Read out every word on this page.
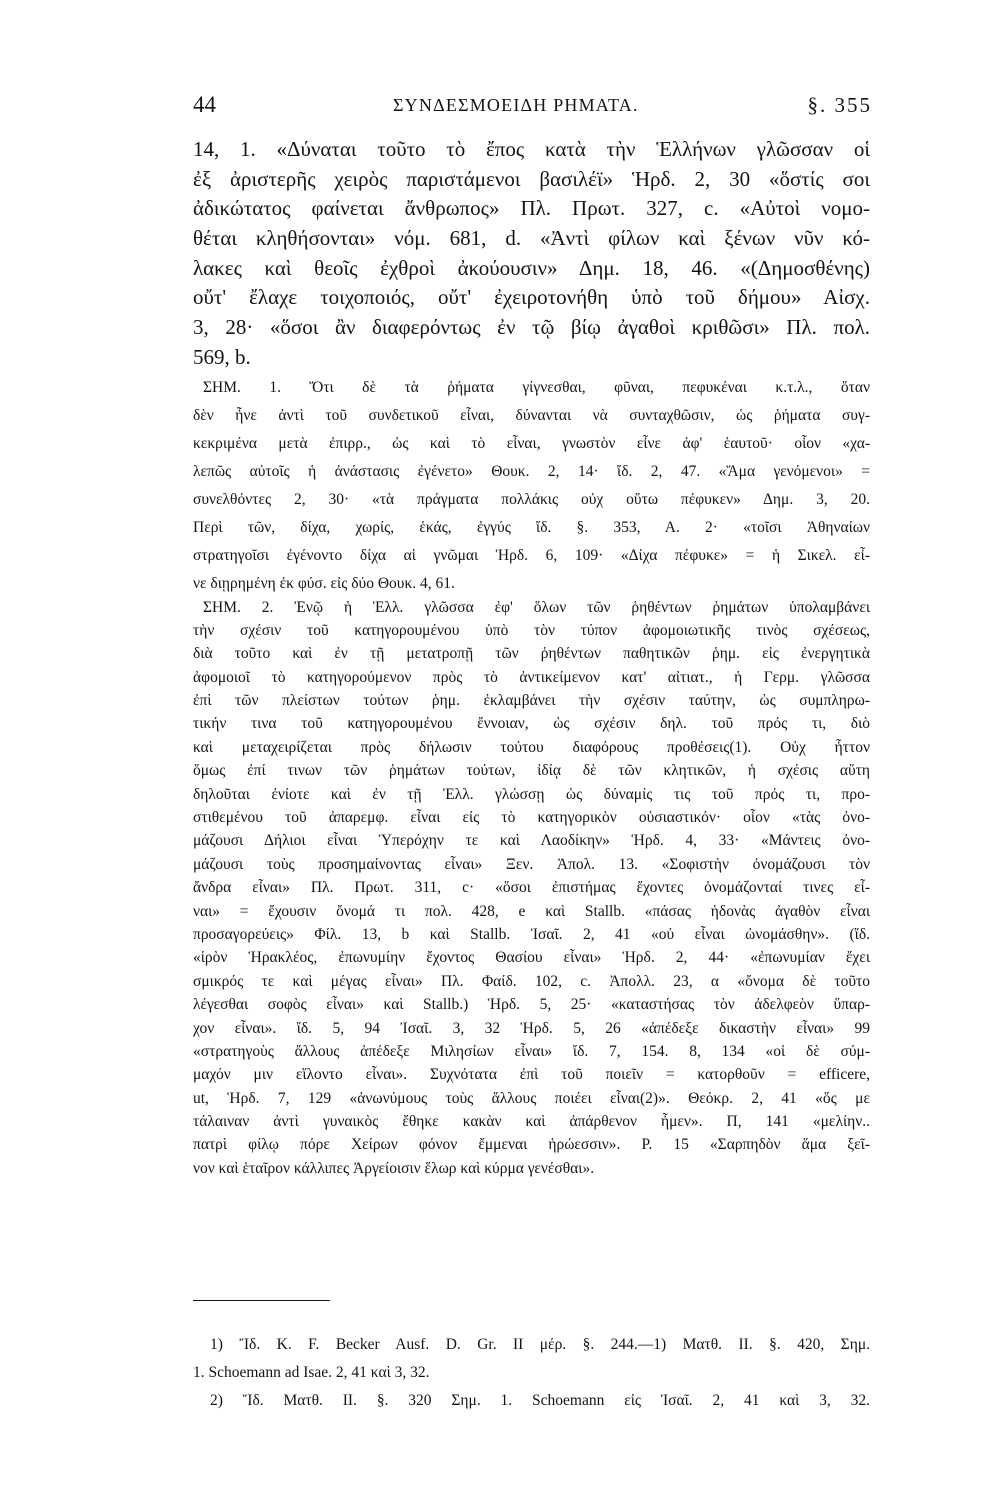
44	ΣΥΝΔΕΣΜΟΕΙΔΗ ΡΗΜΑΤΑ.	§. 355
14, 1. «Δύναται τοῦτο τὸ ἔπος κατὰ τὴν Ἑλλήνων γλῶσσαν οἱ
ἐξ ἀριστερῆς χειρὸς παριστάμενοι βασιλέϊ» Ἡρδ. 2, 30 «ὅστίς σοι
ἀδικώτατος φαίνεται ἄνθρωπος» Πλ. Πρωτ. 327, c. «Αὐτοὶ νομο-
θέται κληθήσονται» νόμ. 681, d. «Ἀντὶ φίλων καὶ ξένων νῦν κό-
λακες καὶ θεοῖς ἐχθροὶ ἀκούουσιν» Δημ. 18, 46. «(Δημοσθένης)
οὔτ' ἔλαχε τοιχοποιός, οὔτ' ἐχειροτονήθη ὑπὸ τοῦ δήμου» Αἰσχ.
3, 28· «ὅσοι ἂν διαφερόντως ἐν τῷ βίῳ ἀγαθοὶ κριθῶσι» Πλ. πολ.
569, b.
ΣΗΜ. 1. Ὅτι δὲ τὰ ῥήματα γίγνεσθαι, φῦναι, πεφυκέναι κ.τ.λ., ὅταν
δὲν ἦνε ἀντὶ τοῦ συνδετικοῦ εἶναι, δύνανται νὰ συνταχθῶσιν, ὡς ῥήματα συγ-
κεκριμένα μετὰ ἐπιρρ., ὡς καὶ τὸ εἶναι, γνωστὸν εἶνε ἀφ' ἑαυτοῦ· οἷον «χα-
λεπῶς αὐτοῖς ἡ ἀνάστασις ἐγένετο» Θουκ. 2, 14· ἴδ. 2, 47. «Ἅμα γενόμενοι» =
συνελθόντες 2, 30· «τὰ πράγματα πολλάκις οὐχ οὕτω πέφυκεν» Δημ. 3, 20.
Περὶ τῶν, δίχα, χωρίς, ἑκάς, ἐγγύς ἴδ. §. 353, Α. 2· «τοῖσι Ἀθηναίων
στρατηγοῖσι ἐγένοντο δίχα αἱ γνῶμαι Ἡρδ. 6, 109· «Δίχα πέφυκε» = ἡ Σικελ. εἶ-
νε διῃρημένη ἐκ φύσ. εἰς δύο Θουκ. 4, 61.
ΣΗΜ. 2. Ἐνῷ ἡ Ἑλλ. γλῶσσα ἐφ' ὅλων τῶν ῥηθέντων ῥημάτων ὑπολαμβάνει
τὴν σχέσιν τοῦ κατηγορουμένου ὑπὸ τὸν τύπον ἀφομοιωτικῆς τινὸς σχέσεως,
διὰ τοῦτο καὶ ἐν τῇ μετατροπῇ τῶν ῥηθέντων παθητικῶν ῥημ. εἰς ἐνεργητικὰ
ἀφομοιοῖ τὸ κατηγορούμενον πρὸς τὸ ἀντικείμενον κατ' αἰτιατ., ἡ Γερμ. γλῶσσα
ἐπὶ τῶν πλείστων τούτων ῥημ. ἐκλαμβάνει τὴν σχέσιν ταύτην, ὡς συμπληρω-
τικήν τινα τοῦ κατηγορουμένου ἔννοιαν, ὡς σχέσιν δηλ. τοῦ πρός τι, διὸ
καὶ μεταχειρίζεται πρὸς δήλωσιν τούτου διαφόρους προθέσεις(1). Οὐχ ἧττον
ὅμως ἐπί τινων τῶν ῥημάτων τούτων, ἰδίᾳ δὲ τῶν κλητικῶν, ἡ σχέσις αὕτη
δηλοῦται ἐνίοτε καὶ ἐν τῇ Ἑλλ. γλώσσῃ ὡς δύναμίς τις τοῦ πρός τι, προ-
στιθεμένου τοῦ ἀπαρεμφ. εἶναι εἰς τὸ κατηγορικὸν οὐσιαστικόν· οἷον «τὰς ὀνο-
μάζουσι Δήλιοι εἶναι Ὑπερόχην τε καὶ Λαοδίκην» Ἡρδ. 4, 33· «Μάντεις ὀνο-
μάζουσι τοὺς προσημαίνοντας εἶναι» Ξεν. Ἀπολ. 13. «Σοφιστὴν ὀνομάζουσι τὸν
ἄνδρα εἶναι» Πλ. Πρωτ. 311, c· «ὅσοι ἐπιστήμας ἔχοντες ὀνομάζονταί τινες εἶ-
ναι» = ἔχουσιν ὄνομά τι πολ. 428, e καὶ Stallb. «πάσας ἡδονὰς ἀγαθὸν εἶναι
προσαγορεύεις» Φίλ. 13, b καὶ Stallb. Ἰσαῖ. 2, 41 «οὐ εἶναι ὠνομάσθην». (ἴδ.
«ἱρὸν Ἡρακλέος, ἐπωνυμίην ἔχοντος Θασίου εἶναι» Ἡρδ. 2, 44· «ἐπωνυμίαν ἔχει
σμικρός τε καὶ μέγας εἶναι» Πλ. Φαίδ. 102, c. Ἀπολλ. 23, α «ὄνομα δὲ τοῦτο
λέγεσθαι σοφὸς εἶναι» καὶ Stallb.) Ἡρδ. 5, 25· «καταστήσας τὸν ἀδελφεὸν ὕπαρ-
χον εἶναι». ἴδ. 5, 94 Ἰσαῖ. 3, 32 Ἡρδ. 5, 26 «ἀπέδεξε δικαστὴν εἶναι» 99
«στρατηγοὺς ἄλλους ἀπέδεξε Μιλησίων εἶναι» ἴδ. 7, 154. 8, 134 «οἱ δὲ σύμ-
μαχόν μιν εἵλοντο εἶναι». Συχνότατα ἐπὶ τοῦ ποιεῖν = κατορθοῦν = efficere,
ut, Ἡρδ. 7, 129 «ἀνωνύμους τοὺς ἄλλους ποιέει εἶναι(2)». Θεόκρ. 2, 41 «ὅς με
τάλαιναν ἀντὶ γυναικὸς ἔθηκε κακὰν καὶ ἀπάρθενον ἦμεν». Π, 141 «μελίην..
πατρὶ φίλῳ πόρε Χείρων φόνον ἔμμεναι ἡρώεσσιν». Ρ. 15 «Σαρπηδὸν ἅμα ξεῖ-
νον καὶ ἑταῖρον κάλλιπες Ἀργείοισιν ἕλωρ καὶ κύρμα γενέσθαι».
1) Ἴδ. K. F. Becker Ausf. D. Gr. II μέρ. §. 244.—1) Ματθ. II. §. 420, Σημ.
1. Schoemann ad Isae. 2, 41 καὶ 3, 32.
2) Ἴδ. Ματθ. II. §. 320 Σημ. 1. Schoemann εἰς Ἰσαῖ. 2, 41 καὶ 3, 32.
